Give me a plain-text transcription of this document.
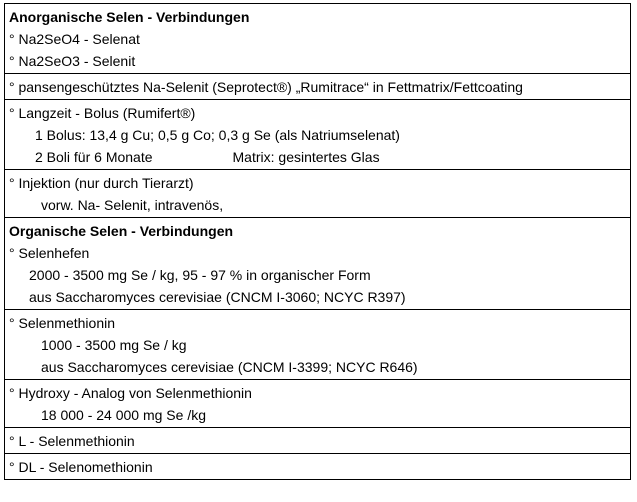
Anorganische Selen - Verbindungen
° Na2SeO4 - Selenat
° Na2SeO3 - Selenit
° pansengeschütztes Na-Selenit (Seprotect®) „Rumitrace“ in Fettmatrix/Fettcoating
° Langzeit - Bolus (Rumifert®)
1 Bolus: 13,4 g Cu; 0,5 g Co; 0,3 g Se (als Natriumselenat)
2 Boli für 6 Monate	Matrix: gesintertes Glas
° Injektion (nur durch Tierarzt)
vorw. Na- Selenit, intravenös,
Organische Selen - Verbindungen
° Selenhefen
2000 - 3500 mg Se / kg, 95 - 97 % in organischer Form
aus Saccharomyces cerevisiae (CNCM I-3060; NCYC R397)
° Selenmethionin
1000 - 3500 mg Se / kg
aus Saccharomyces cerevisiae (CNCM I-3399; NCYC R646)
° Hydroxy - Analog von Selenmethionin
18 000 - 24 000 mg Se /kg
° L - Selenmethionin
° DL - Selenomethionin
